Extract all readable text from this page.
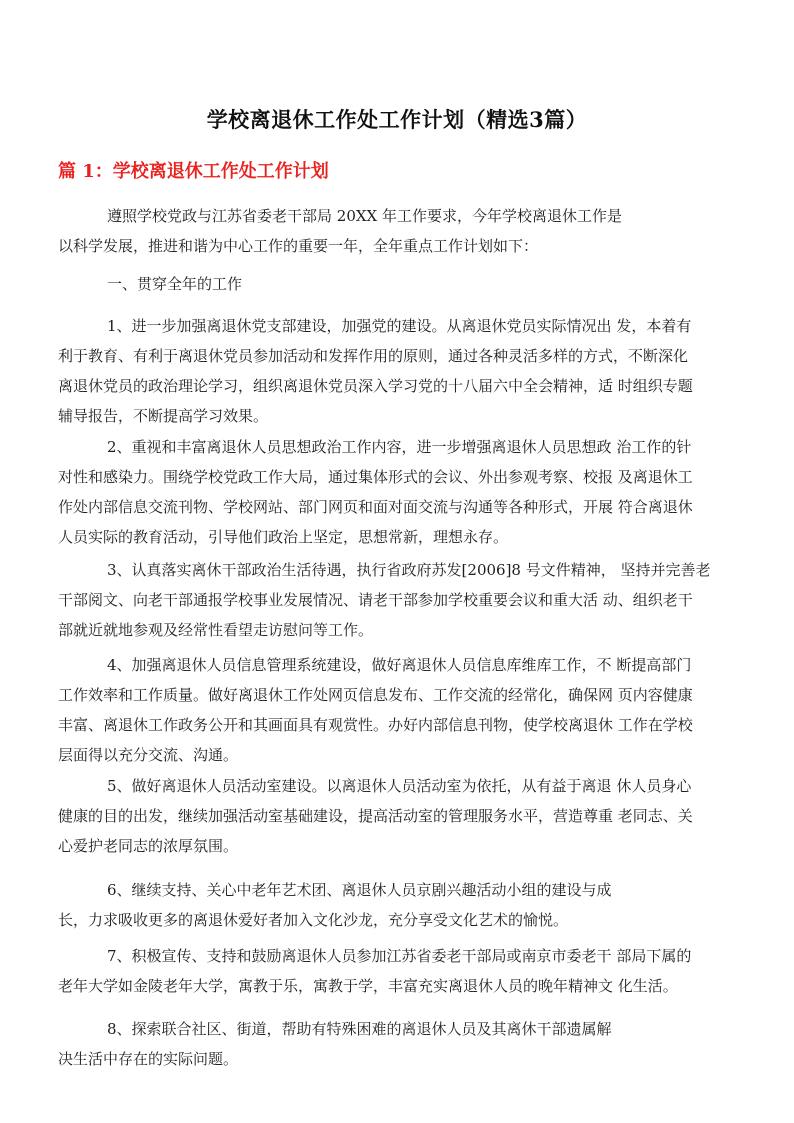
学校离退休工作处工作计划（精选3篇）
篇 1：学校离退休工作处工作计划

遵照学校党政与江苏省委老干部局 20XX 年工作要求，今年学校离退休工作是
以科学发展，推进和谐为中心工作的重要一年，全年重点工作计划如下：

一、贯穿全年的工作

1、进一步加强离退休党支部建设，加强党的建设。从离退休党员实际情况出 发，本着有
利于教育、有利于离退休党员参加活动和发挥作用的原则，通过各种灵活多样的方式，不断深化
离退休党员的政治理论学习，组织离退休党员深入学习党的十八届六中全会精神，适 时组织专题
辅导报告，不断提高学习效果。

2、重视和丰富离退休人员思想政治工作内容，进一步增强离退休人员思想政 治工作的针
对性和感染力。围绕学校党政工作大局，通过集体形式的会议、外出参观考察、校报 及离退休工
作处内部信息交流刊物、学校网站、部门网页和面对面交流与沟通等各种形式，开展 符合离退休
人员实际的教育活动，引导他们政治上坚定，思想常新，理想永存。

3、认真落实离休干部政治生活待遇，执行省政府苏发[2006]8 号文件精神， 坚持并完善老
干部阅文、向老干部通报学校事业发展情况、请老干部参加学校重要会议和重大活 动、组织老干
部就近就地参观及经常性看望走访慰问等工作。

4、加强离退休人员信息管理系统建设，做好离退休人员信息库维库工作，不 断提高部门
工作效率和工作质量。做好离退休工作处网页信息发布、工作交流的经常化，确保网 页内容健康
丰富、离退休工作政务公开和其画面具有观赏性。办好内部信息刊物，使学校离退休 工作在学校
层面得以充分交流、沟通。

5、做好离退休人员活动室建设。以离退休人员活动室为依托，从有益于离退 休人员身心
健康的目的出发，继续加强活动室基础建设，提高活动室的管理服务水平，营造尊重 老同志、关
心爱护老同志的浓厚氛围。

6、继续支持、关心中老年艺术团、离退休人员京剧兴趣活动小组的建设与成
长，力求吸收更多的离退休爱好者加入文化沙龙，充分享受文化艺术的愉悦。

7、积极宣传、支持和鼓励离退休人员参加江苏省委老干部局或南京市委老干 部局下属的
老年大学如金陵老年大学，寓教于乐，寓教于学，丰富充实离退休人员的晚年精神文 化生活。

8、探索联合社区、街道，帮助有特殊困难的离退休人员及其离休干部遗属解
决生活中存在的实际问题。
